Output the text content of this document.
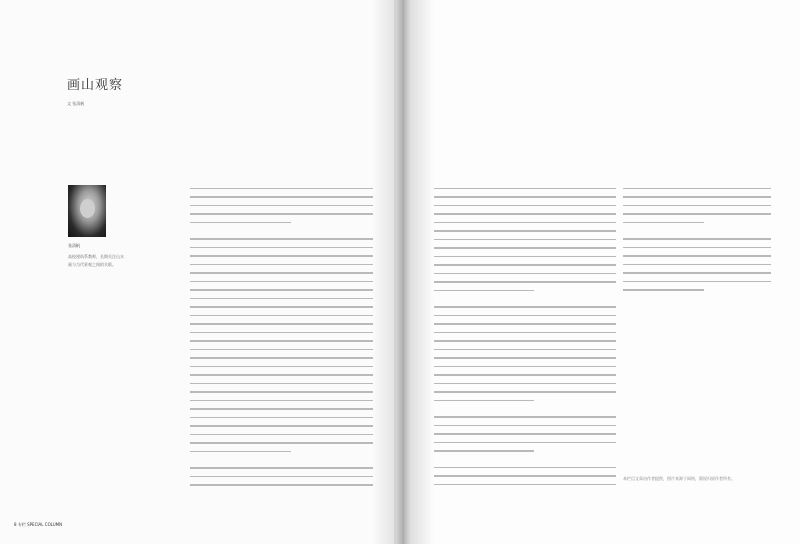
画山观察
文 张清帆
张清帆
高校建筑系教师，长期关注山水画与当代景观之间的关联。
8 专栏 SPECIAL COLUMN
本栏目文章由作者提供，图片来源于网络，版权归原作者所有。
